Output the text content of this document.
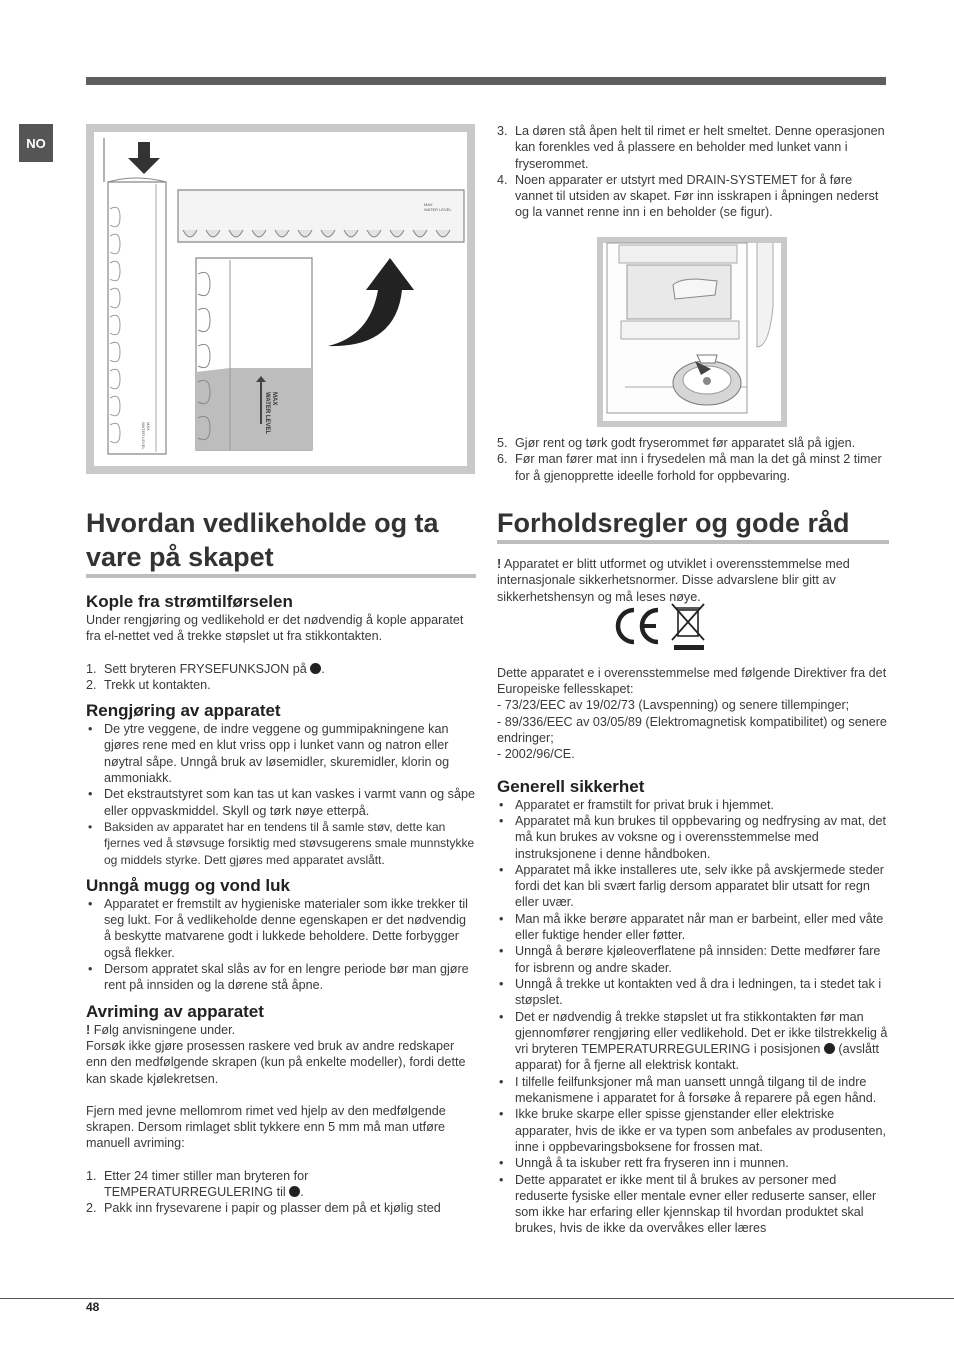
NO
MAX
WATER LEVEL
MAX
WATER LEVEL
MAX
WATER LEVEL
Hvordan vedlikeholde og ta vare på skapet
Kople fra strømtilførselen

Under rengjøring og vedlikehold er det nødvendig å kople apparatet fra el-nettet ved å trekke støpslet ut fra stikkontakten.

1. Sett bryteren FRYSEFUNKSJON på .
2. Trekk ut kontakten.
Rengjøring av apparatet
• De ytre veggene, de indre veggene og gummipakningene kan gjøres rene med en klut vriss opp i lunket vann og natron eller nøytral såpe. Unngå bruk av løsemidler, skuremidler, klorin og ammoniakk.
• Det ekstrautstyret som kan tas ut kan vaskes i varmt vann og såpe eller oppvaskmiddel. Skyll og tørk nøye etterpå.
• Baksiden av apparatet har en tendens til å samle støv, dette kan fjernes ved å støvsuge forsiktig med støvsugerens smale munnstykke og middels styrke. Dett gjøres med apparatet avslått.
Unngå mugg og vond luk
• Apparatet er fremstilt av hygieniske materialer som ikke trekker til seg lukt. For å vedlikeholde denne egenskapen er det nødvendig å beskytte matvarene godt i lukkede beholdere. Dette forbygger også flekker.
• Dersom appratet skal slås av for en lengre periode bør man gjøre rent på innsiden og la dørene stå åpne.
Avriming av apparatet

! Følg anvisningene under.

Forsøk ikke gjøre prosessen raskere ved bruk av andre redskaper enn den medfølgende skrapen (kun på enkelte modeller), fordi dette kan skade kjølekretsen.

Fjern med jevne mellomrom rimet ved hjelp av den medfølgende skrapen. Dersom rimlaget sblit tykkere enn 5 mm må man utføre manuell avriming:

1. Etter 24 timer stiller man bryteren for TEMPERATURREGULERING til .
2. Pakk inn frysevarene i papir og plasser dem på et kjølig sted
3. La døren stå åpen helt til rimet er helt smeltet. Denne operasjonen kan forenkles ved å plassere en beholder med lunket vann i fryserommet.
4. Noen apparater er utstyrt med DRAIN-SYSTEMET for å føre vannet til utsiden av skapet. Før inn isskrapen i åpningen nederst og la vannet renne inn i en beholder (se figur).
5. Gjør rent og tørk godt fryserommet før apparatet slå på igjen.
6. Før man fører mat inn i frysedelen må man la det gå minst 2 timer for å gjenopprette ideelle forhold for oppbevaring.
Forholdsregler og gode råd

! Apparatet er blitt utformet og utviklet i overensstemmelse med internasjonale sikkerhetsnormer. Disse advarslene blir gitt av sikkerhetshensyn og må leses nøye.

Dette apparatet e i overensstemmelse med følgende Direktiver fra det Europeiske fellesskapet:

- 73/23/EEC av 19/02/73 (Lavspenning) og senere tillempinger;

- 89/336/EEC av 03/05/89 (Elektromagnetisk kompatibilitet) og senere endringer;

- 2002/96/CE.

Generell sikkerhet
• Apparatet er framstilt for privat bruk i hjemmet.
• Apparatet må kun brukes til oppbevaring og nedfrysing av mat, det må kun brukes av voksne og i overensstemmelse med instruksjonene i denne håndboken.
• Apparatet må ikke installeres ute, selv ikke på avskjermede steder fordi det kan bli svært farlig dersom apparatet blir utsatt for regn eller uvær.
• Man må ikke berøre apparatet når man er barbeint, eller med våte eller fuktige hender eller føtter.
• Unngå å berøre kjøleoverflatene på innsiden: Dette medfører fare for isbrenn og andre skader.
• Unngå å trekke ut kontakten ved å dra i ledningen, ta i stedet tak i støpslet.
• Det er nødvendig å trekke støpslet ut fra stikkontakten før man gjennomfører rengjøring eller vedlikehold. Det er ikke tilstrekkelig å vri bryteren TEMPERATURREGULERING i posisjonen (avslått apparat) for å fjerne all elektrisk kontakt.
• I tilfelle feilfunksjoner må man uansett unngå tilgang til de indre mekanismene i apparatet for å forsøke å reparere på egen hånd.
• Ikke bruke skarpe eller spisse gjenstander eller elektriske apparater, hvis de ikke er va typen som anbefales av produsenten, inne i oppbevaringsboksene for frossen mat.
• Unngå å ta iskuber rett fra fryseren inn i munnen.
• Dette apparatet er ikke ment til å brukes av personer med reduserte fysiske eller mentale evner eller reduserte sanser, eller som ikke har erfaring eller kjennskap til hvordan produktet skal brukes, hvis de ikke da overvåkes eller læres
48
